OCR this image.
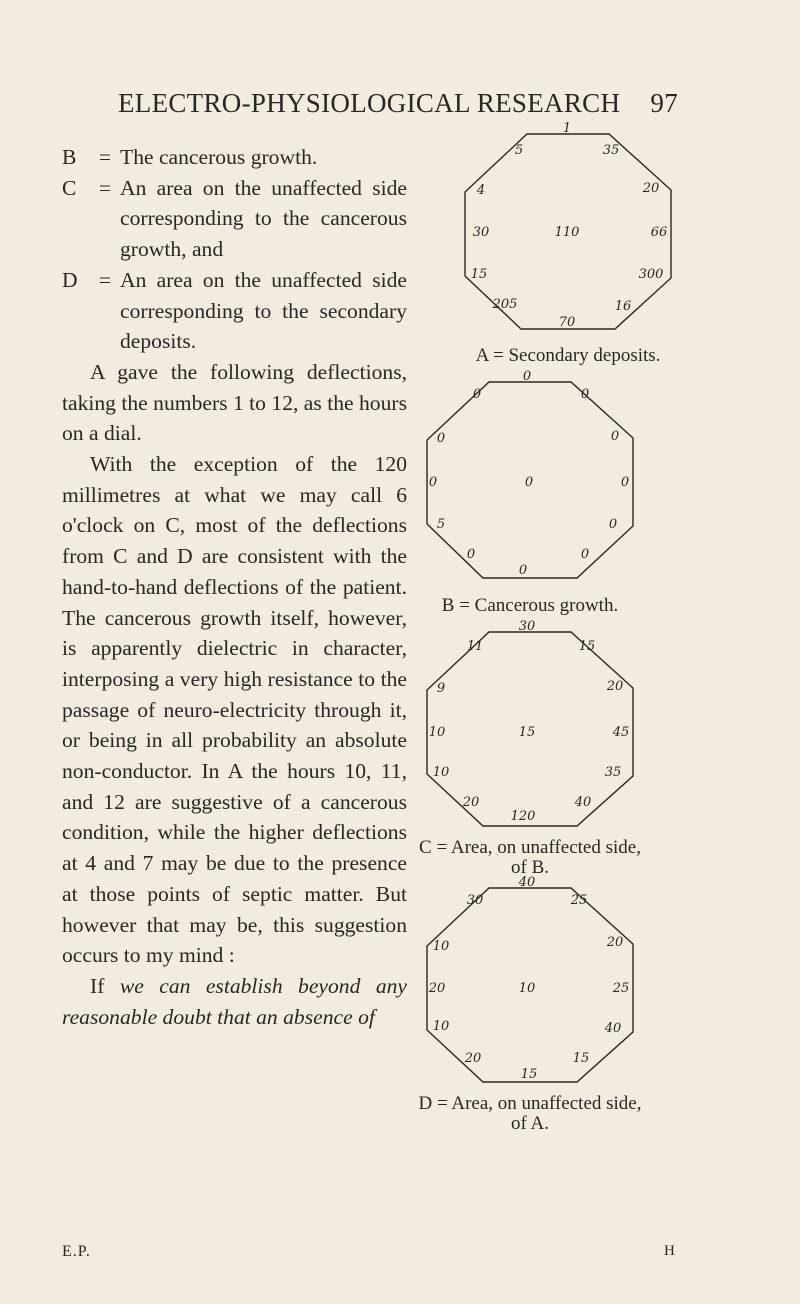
ELECTRO-PHYSIOLOGICAL RESEARCH 97
B	= The cancerous growth.
C	= An area on the unaffected side corresponding to the cancerous growth, and
D = An area on the unaffected side corresponding to the secondary deposits.

A gave the following deflections, taking the numbers 1 to 12, as the hours on a dial.

With the exception of the 120 millimetres at what we may call 6 o'clock on C, most of the deflections from C and D are consistent with the hand-to-hand deflections of the patient. The cancerous growth itself, however, is apparently dielectric in character, interposing a very high resistance to the passage of neuro-electricity through it, or being in all probability an absolute non-conductor. In A the hours 10, 11, and 12 are suggestive of a cancerous condition, while the higher deflections at 4 and 7 may be due to the presence at those points of septic matter. But however that may be, this suggestion occurs to my mind :

If we can establish beyond any reasonable doubt that an absence of

1
35
20
66
300
16
70
205
15
30
4
5
110
A = Secondary deposits.
0
0
0
0
0
0
0
0
5
0
0
0
0
B = Cancerous growth.
30
15
20
45
35
40
120
20
10
10
9
11
15
C = Area, on unaffected side,
of B.
40
25
20
25
40
15
15
20
10
20
10
30
10
D = Area, on unaffected side,
of A.
E.P.	H
